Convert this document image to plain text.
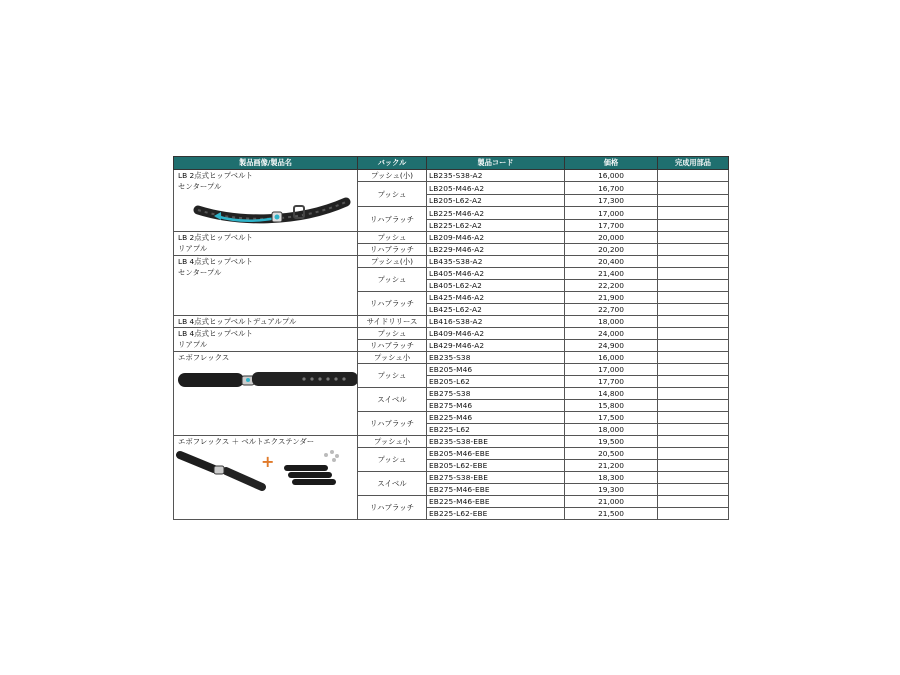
製品画像/製品名	バックル	製品コード	価格	完成用部品

LB 2点式ヒップベルト
センタープル	プッシュ(小)	LB235-S38-A2	16,000	
	プッシュ	LB205-M46-A2	16,700	
		LB205-L62-A2	17,300	
	リハブラッチ	LB225-M46-A2	17,000	
		LB225-L62-A2	17,700	

LB 2点式ヒップベルト
リアプル	プッシュ	LB209-M46-A2	20,000	
	リハブラッチ	LB229-M46-A2	20,200	

LB 4点式ヒップベルト
センタープル	プッシュ(小)	LB435-S38-A2	20,400	
	プッシュ	LB405-M46-A2	21,400	
		LB405-L62-A2	22,200	
	リハブラッチ	LB425-M46-A2	21,900	
		LB425-L62-A2	22,700	

LB 4点式ヒップベルトデュアルプル	サイドリリース	LB416-S38-A2	18,000	

LB 4点式ヒップベルト
リアプル	プッシュ	LB409-M46-A2	24,000	
	リハブラッチ	LB429-M46-A2	24,900	

エボフレックス	プッシュ小	EB235-S38	16,000	
	プッシュ	EB205-M46	17,000	
		EB205-L62	17,700	
	スイベル	EB275-S38	14,800	
		EB275-M46	15,800	
	リハブラッチ	EB225-M46	17,500	
		EB225-L62	18,000	

エボフレックス ＋ ベルトエクステンダー
+	プッシュ小	EB235-S38-EBE	19,500	
	プッシュ	EB205-M46-EBE	20,500	
		EB205-L62-EBE	21,200	
	スイベル	EB275-S38-EBE	18,300	
		EB275-M46-EBE	19,300	
	リハブラッチ	EB225-M46-EBE	21,000	
		EB225-L62-EBE	21,500	
